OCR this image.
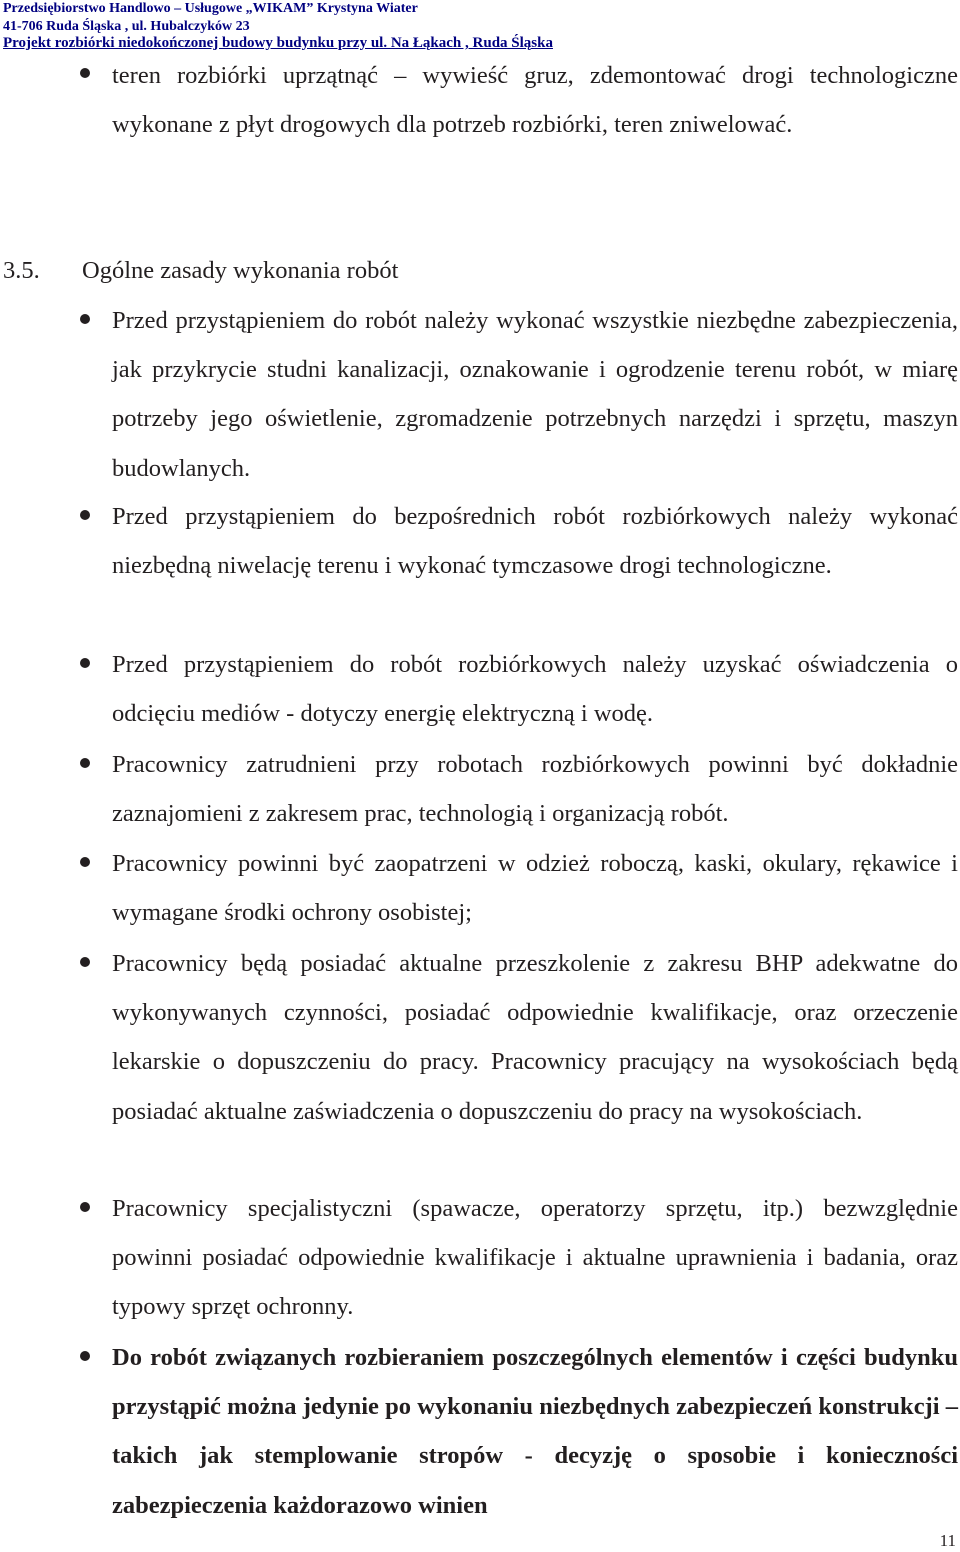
Przedsiębiorstwo Handlowo – Usługowe „WIKAM” Krystyna Wiater
41-706 Ruda Śląska , ul. Hubalczyków 23
Projekt rozbiórki niedokończonej budowy budynku przy ul. Na Łąkach , Ruda Śląska
teren rozbiórki uprzątnąć – wywieść gruz, zdemontować drogi technologiczne wykonane z płyt drogowych dla potrzeb rozbiórki, teren zniwelować.
3.5. Ogólne zasady wykonania robót
Przed przystąpieniem do robót należy wykonać wszystkie niezbędne zabezpieczenia, jak przykrycie studni kanalizacji, oznakowanie i ogrodzenie terenu robót, w miarę potrzeby jego oświetlenie, zgromadzenie potrzebnych narzędzi i sprzętu, maszyn budowlanych.
Przed przystąpieniem do bezpośrednich robót rozbiórkowych należy wykonać niezbędną niwelację terenu i wykonać tymczasowe drogi technologiczne.
Przed przystąpieniem do robót rozbiórkowych należy uzyskać oświadczenia o odcięciu mediów - dotyczy energię elektryczną i wodę.
Pracownicy zatrudnieni przy robotach rozbiórkowych powinni być dokładnie zaznajomieni z zakresem prac, technologią i organizacją robót.
Pracownicy powinni być zaopatrzeni w odzież roboczą, kaski, okulary, rękawice i wymagane środki ochrony osobistej;
Pracownicy będą posiadać aktualne przeszkolenie z zakresu BHP adekwatne do wykonywanych czynności, posiadać odpowiednie kwalifikacje, oraz orzeczenie lekarskie o dopuszczeniu do pracy. Pracownicy pracujący na wysokościach będą posiadać aktualne zaświadczenia o dopuszczeniu do pracy na wysokościach.
Pracownicy specjalistyczni (spawacze, operatorzy sprzętu, itp.) bezwzględnie powinni posiadać odpowiednie kwalifikacje i aktualne uprawnienia i badania, oraz typowy sprzęt ochronny.
Do robót związanych rozbieraniem poszczególnych elementów i części budynku przystąpić można jedynie po wykonaniu niezbędnych zabezpieczeń konstrukcji – takich jak stemplowanie stropów - decyzję o sposobie i konieczności zabezpieczenia każdorazowo winien
11
